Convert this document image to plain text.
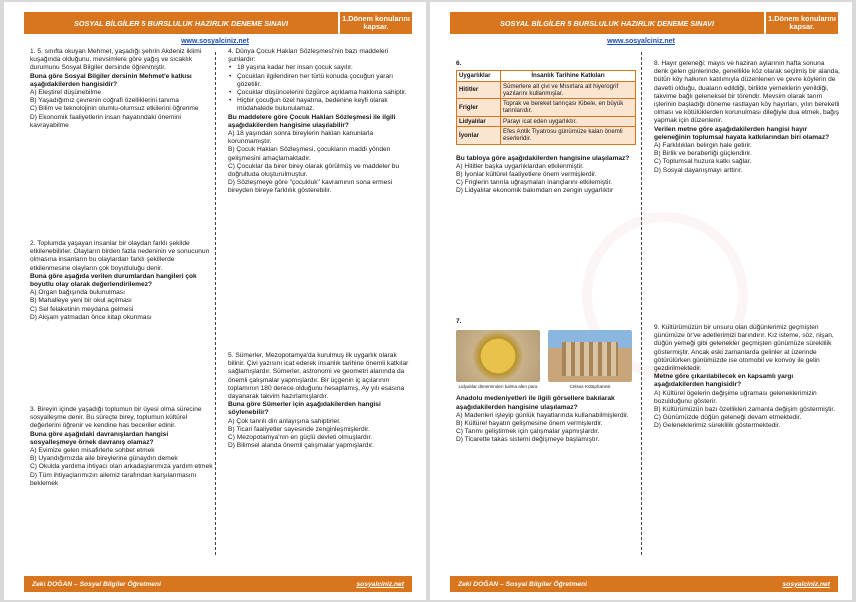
SOSYAL BİLGİLER 5 BURSLULUK HAZIRLIK DENEME SINAVI	1.Dönem konularını kapsar.
www.sosyalciniz.net
1. 5. sınıfta okuyan Mehmet, yaşadığı şehrin Akdeniz iklimi kuşağında olduğunu, mevsimlere göre yağış ve sıcaklık durumunu Sosyal Bilgiler dersinde öğrenmiştir.
Buna göre Sosyal Bilgiler dersinin Mehmet'e katkısı aşağıdakilerden hangisidir?
A) Eleştirel düşünebilme
B) Yaşadığımız çevrenin coğrafi özelliklerini tanıma
C) Bilim ve teknolojinin olumlu-olumsuz etkilerini öğrenme
D) Ekonomik faaliyetlerin insan hayatındaki önemini kavrayabilme
2. Toplumda yaşayan insanlar bir olaydan farklı şekilde etkilenebilirler. Olayların birden fazla nedeninin ve sonucunun olmasına insanların bu olaylardan farklı şekillerde etkilenmesine olayların çok boyutluluğu denir.
Buna göre aşağıda verilen durumlardan hangileri çok boyutlu olay olarak değerlendirilemez?
A) Organ bağışında bulunulması
B) Mahalleye yeni bir okul açılması
C) Sel felaketinin meydana gelmesi
D) Akşam yatmadan önce kitap okunması
3. Bireyin içinde yaşadığı toplumun bir üyesi olma sürecine sosyalleşme denir. Bu süreçte birey, toplumun kültürel değerlerini öğrenir ve kendine has beceriler edinir.
Buna göre aşağıdaki davranışlardan hangisi sosyalleşmeye örnek davranış olamaz?
A) Evimize gelen misafirlerle sohbet etmek
B) Uyandığımızda aile bireylerine günaydın demek
C) Okulda yardıma ihtiyacı olan arkadaşlarımıza yardım etmek
D) Tüm ihtiyaçlarımızın ailemiz tarafından karşılanmasını beklemek
4. Dünya Çocuk Hakları Sözleşmesi'nin bazı maddeleri şunlardır:
• 18 yaşına kadar her insan çocuk sayılır.
• Çocukları ilgilendiren her türlü konuda çocuğun yararı gözetilir.
• Çocuklar düşüncelerini özgürce açıklama hakkına sahiptir.
• Hiçbir çocuğun özel hayatına, bedenine keyfi olarak müdahalede bulunulamaz.
Bu maddelere göre Çocuk Hakları Sözleşmesi ile ilgili aşağıdakilerden hangisine ulaşılabilir?
A) 18 yaşından sonra bireylerin hakları kanunlarla korunmamıştır.
B) Çocuk Hakları Sözleşmesi, çocukların maddi yönden gelişmesini amaçlamaktadır.
C) Çocuklar da birer birey olarak görülmüş ve maddeler bu doğrultuda oluşturulmuştur.
D) Sözleşmeye göre "çocukluk" kavramının sona ermesi bireyden bireye farklılık gösterebilir.
5. Sümerler, Mezopotamya'da kurulmuş ilk uygarlık olarak bilinir. Çivi yazısını icat ederek insanlık tarihine önemli katkılar sağlamışlardır. Sümerler, astronomi ve geometri alanında da önemli çalışmalar yapmışlardır. Bir üçgenin iç açılarının toplamının 180 derece olduğunu hesaplamış, Ay yılı esasına dayanarak takvim hazırlamışlardır.
Buna göre Sümerler için aşağıdakilerden hangisi söylenebilir?
A) Çok tanrılı din anlayışına sahiptirler.
B) Ticari faaliyetler sayesinde zenginleşmişlerdir.
C) Mezopotamya'nın en güçlü devleti olmuşlardır.
D) Bilimsel alanda önemli çalışmalar yapmışlardır.
Zeki DOĞAN – Sosyal Bilgiler Öğretmeni	sosyalciniz.net
SOSYAL BİLGİLER 5 BURSLULUK HAZIRLIK DENEME SINAVI	1.Dönem konularını kapsar.
www.sosyalciniz.net
6.
Uygarlıklar	İnsanlık Tarihine Katkıları
Hititler	Sümerlere ait çivi ve Mısırlara ait hiyerogrif yazılarını kullanmışlar.
Frigler	Toprak ve bereket tanrıçası Kibele, en büyük tanrılarıdır.
Lidyalılar	Parayı icat eden uygarlıktır.
İyonlar	Efes Antik Tiyatrosu günümüze kalan önemli eserleridir.
Bu tabloya göre aşağıdakilerden hangisine ulaşılamaz?
A) Hititler başka uygarlıklardan etkilenmiştir.
B) İyonlar kültürel faaliyetlere önem vermişlerdir.
C) Friglerin tanrıla uğraşmaları inançlarını etkilemiştir.
D) Lidyalılar ekonomik bakımdan en zengin uygarlıktır
7.
Lidyalılar döneminden kalma altın para	Celsus Kütüphanesi
Anadolu medeniyetleri ile ilgili görsellere bakılarak aşağıdakilerden hangisine ulaşılamaz?
A) Madenleri işleyip günlük hayatlarında kullanabilmişlerdir.
B) Kültürel hayatın gelişmesine önem vermişlerdir.
C) Tarımı geliştirmek için çalışmalar yapmışlardır.
D) Ticarette takas sistemi değişmeye başlamıştır.
8. Hayır geleneği; mayıs ve haziran aylarının hafta sonuna denk gelen günlerinde, genellikle köz olarak seçilmiş bir alanda, bütün köy halkının katılımıyla düzenlenen ve çevre köylerin de davetli olduğu, duaların edildiği, birlikte yemeklerin yenildiği, takvime bağlı geleneksel bir törendir. Mevsim olarak tarım işlerinin başladığı döneme rastlayan köy hayırları, yılın bereketli olması ve kötülüklerden korunulması dileğiyle dua etmek, bağış yapmak için düzenlenir.
Verilen metne göre aşağıdakilerden hangisi hayır geleneğinin toplumsal hayata katkılarından biri olamaz?
A) Farklılıkları belirgin hale getirir.
B) Birlik ve beraberliği güçlendirir.
C) Toplumsal huzura katkı sağlar.
D) Sosyal dayanışmayı arttırır.
9. Kültürümüzün bir unsuru olan düğünlerimiz geçmişten günümüze ör've adetlerimizi barındırır. Kız isteme, söz, nişan, düğün yemeği gibi gelenekler geçmişten günümüze süreklilik göstermiştir. Ancak eski zamanlarda gelinler at üzerinde götürülürken günümüzde ise otomobil ve konvoy ile gelin gezdirilmektedir.
Metne göre çıkarılabilecek en kapsamlı yargı aşağıdakilerden hangisidir?
A) Kültürel ögelerin değişime uğraması geleneklerimizin bozulduğunu gösterir.
B) Kültürümüzün bazı özellikleri zamanla değişim göstermiştir.
C) Günümüzde düğün geleneği devam etmektedir.
D) Geleneklerimiz süreklilik göstermektedir.
Zeki DOĞAN – Sosyal Bilgiler Öğretmeni	sosyalciniz.net
